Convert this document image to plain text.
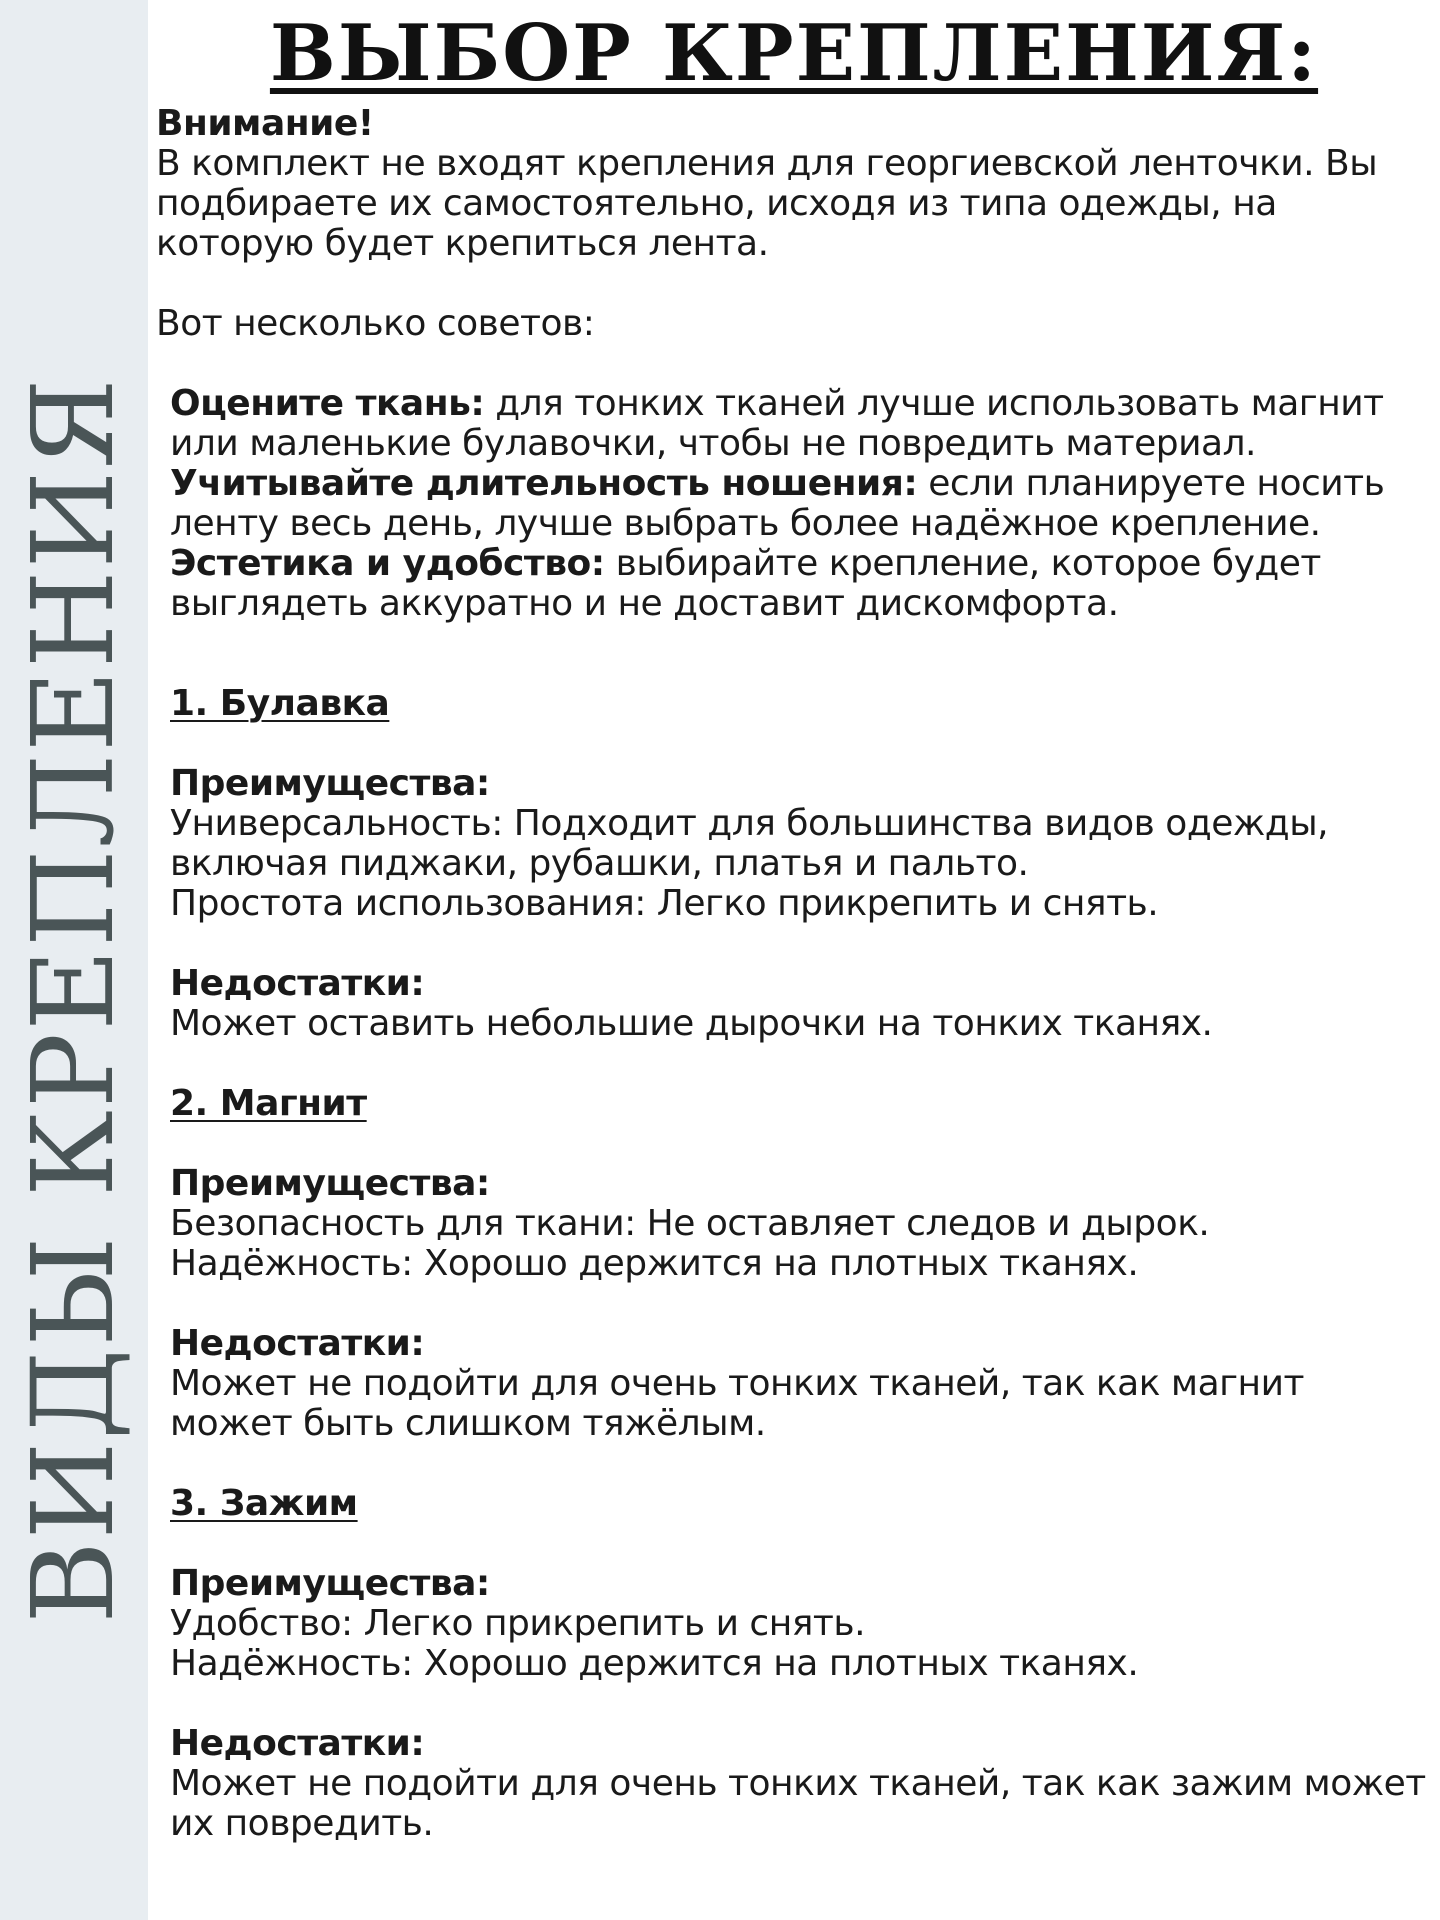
ВИДЫ КРЕПЛЕНИЯ
ВЫБОР КРЕПЛЕНИЯ:

Внимание!

В комплект не входят крепления для георгиевской ленточки. Вы подбираете их самостоятельно, исходя из типа одежды, на которую будет крепиться лента.

Вот несколько советов:

Оцените ткань: для тонких тканей лучше использовать магнит или маленькие булавочки, чтобы не повредить материал.

Учитывайте длительность ношения: если планируете носить ленту весь день, лучше выбрать более надёжное крепление.

Эстетика и удобство: выбирайте крепление, которое будет выглядеть аккуратно и не доставит дискомфорта.

1. Булавка

Преимущества:

Универсальность: Подходит для большинства видов одежды, включая пиджаки, рубашки, платья и пальто.

Простота использования: Легко прикрепить и снять.

Недостатки:

Может оставить небольшие дырочки на тонких тканях.

2. Магнит

Преимущества:

Безопасность для ткани: Не оставляет следов и дырок.

Надёжность: Хорошо держится на плотных тканях.

Недостатки:

Может не подойти для очень тонких тканей, так как магнит может быть слишком тяжёлым.

3. Зажим

Преимущества:

Удобство: Легко прикрепить и снять.

Надёжность: Хорошо держится на плотных тканях.

Недостатки:

Может не подойти для очень тонких тканей, так как зажим может их повредить.
